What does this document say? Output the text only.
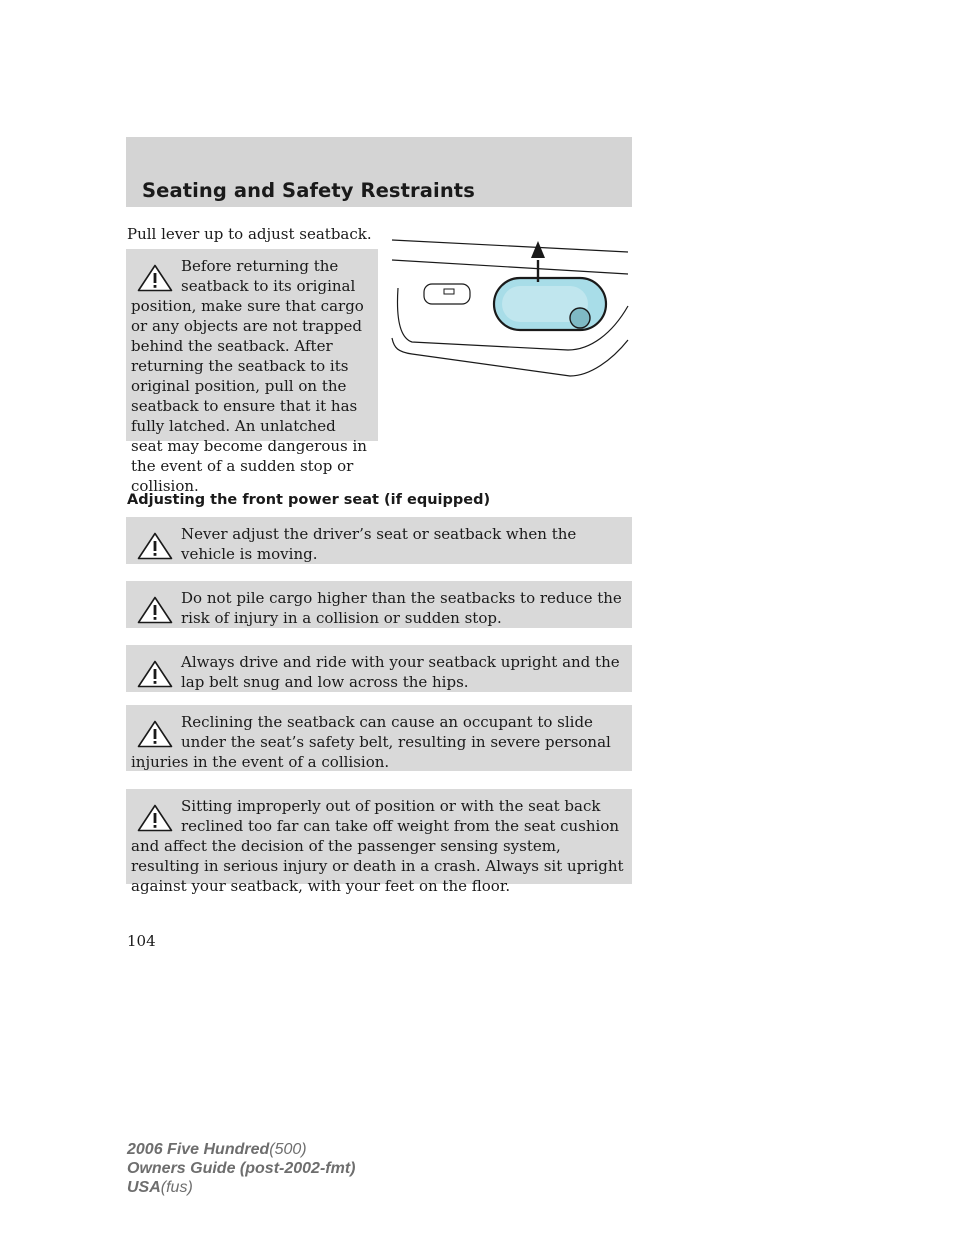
Seating and Safety Restraints
Pull lever up to adjust seatback.
Before returning the seatback to its original position, make sure that cargo or any objects are not trapped behind the seatback. After returning the seatback to its original position, pull on the seatback to ensure that it has fully latched. An unlatched seat may become dangerous in the event of a sudden stop or collision.
Adjusting the front power seat (if equipped)
Never adjust the driver’s seat or seatback when the vehicle is moving.
Do not pile cargo higher than the seatbacks to reduce the risk of injury in a collision or sudden stop.
Always drive and ride with your seatback upright and the lap belt snug and low across the hips.
Reclining the seatback can cause an occupant to slide under the seat’s safety belt, resulting in severe personal injuries in the event of a collision.
Sitting improperly out of position or with the seat back reclined too far can take off weight from the seat cushion and affect the decision of the passenger sensing system, resulting in serious injury or death in a crash. Always sit upright against your seatback, with your feet on the floor.
104
2006 Five Hundred(500)
Owners Guide (post-2002-fmt)
USA(fus)
